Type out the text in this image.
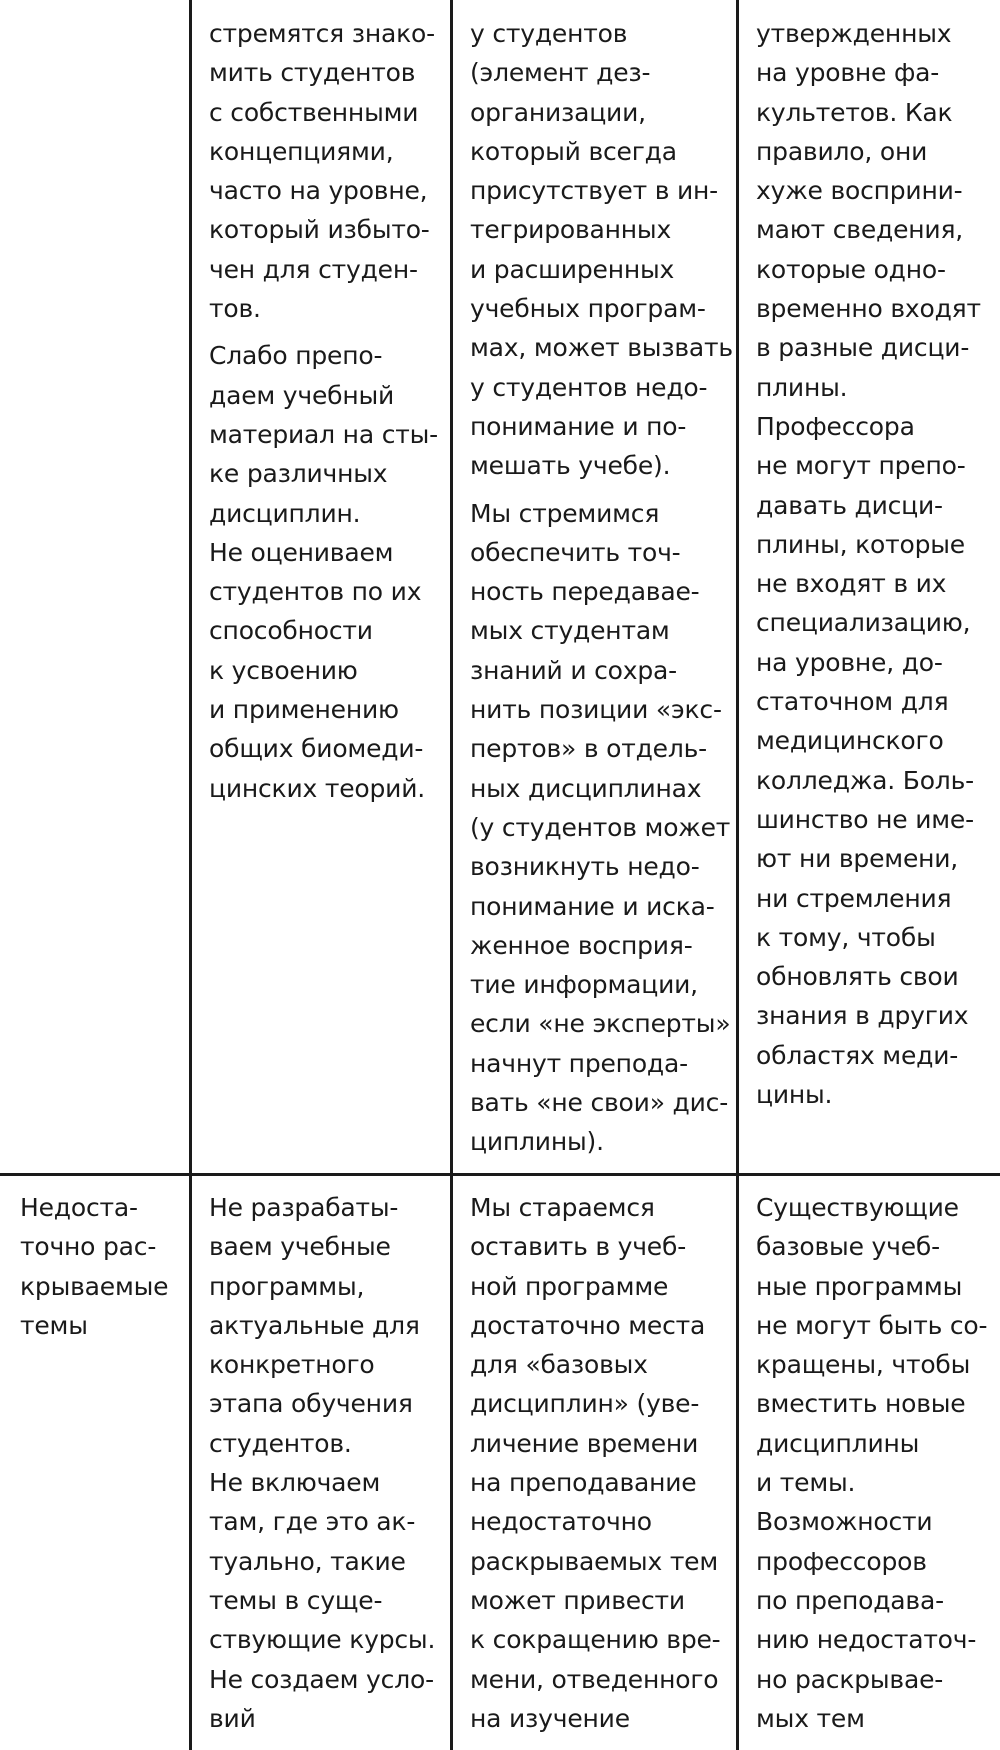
стремятся знако-
мить студентов
с собственными
концепциями,
часто на уровне,
который избыто-
чен для студен-
тов.

Слабо препо-
даем учебный
материал на сты-
ке различных
дисциплин.

Не оцениваем
студентов по их
способности
к усвоению
и применению
общих биомеди-
цинских теорий.

у студентов
(элемент дез-
организации,
который всегда
присутствует в ин-
тегрированных
и расширенных
учебных програм-
мах, может вызвать
у студентов недо-
понимание и по-
мешать учебе).

Мы стремимся
обеспечить точ-
ность передавае-
мых студентам
знаний и сохра-
нить позиции «экс-
пертов» в отдель-
ных дисциплинах
(у студентов может
возникнуть недо-
понимание и иска-
женное восприя-
тие информации,
если «не эксперты»
начнут препода-
вать «не свои» дис-
циплины).

утвержденных
на уровне фа-
культетов. Как
правило, они
хуже восприни-
мают сведения,
которые одно-
временно входят
в разные дисци-
плины.

Профессора
не могут препо-
давать дисци-
плины, которые
не входят в их
специализацию,
на уровне, до-
статочном для
медицинского
колледжа. Боль-
шинство не име-
ют ни времени,
ни стремления
к тому, чтобы
обновлять свои
знания в других
областях меди-
цины.

Недоста-
точно рас-
крываемые
темы

Не разрабаты-
ваем учебные
программы,
актуальные для
конкретного
этапа обучения
студентов.

Не включаем
там, где это ак-
туально, такие
темы в суще-
ствующие курсы.

Не создаем усло-
вий

Мы стараемся
оставить в учеб-
ной программе
достаточно места
для «базовых
дисциплин» (уве-
личение времени
на преподавание
недостаточно
раскрываемых тем
может привести
к сокращению вре-
мени, отведенного
на изучение

Существующие
базовые учеб-
ные программы
не могут быть со-
кращены, чтобы
вместить новые
дисциплины
и темы.

Возможности
профессоров
по преподава-
нию недостаточ-
но раскрывае-
мых тем
